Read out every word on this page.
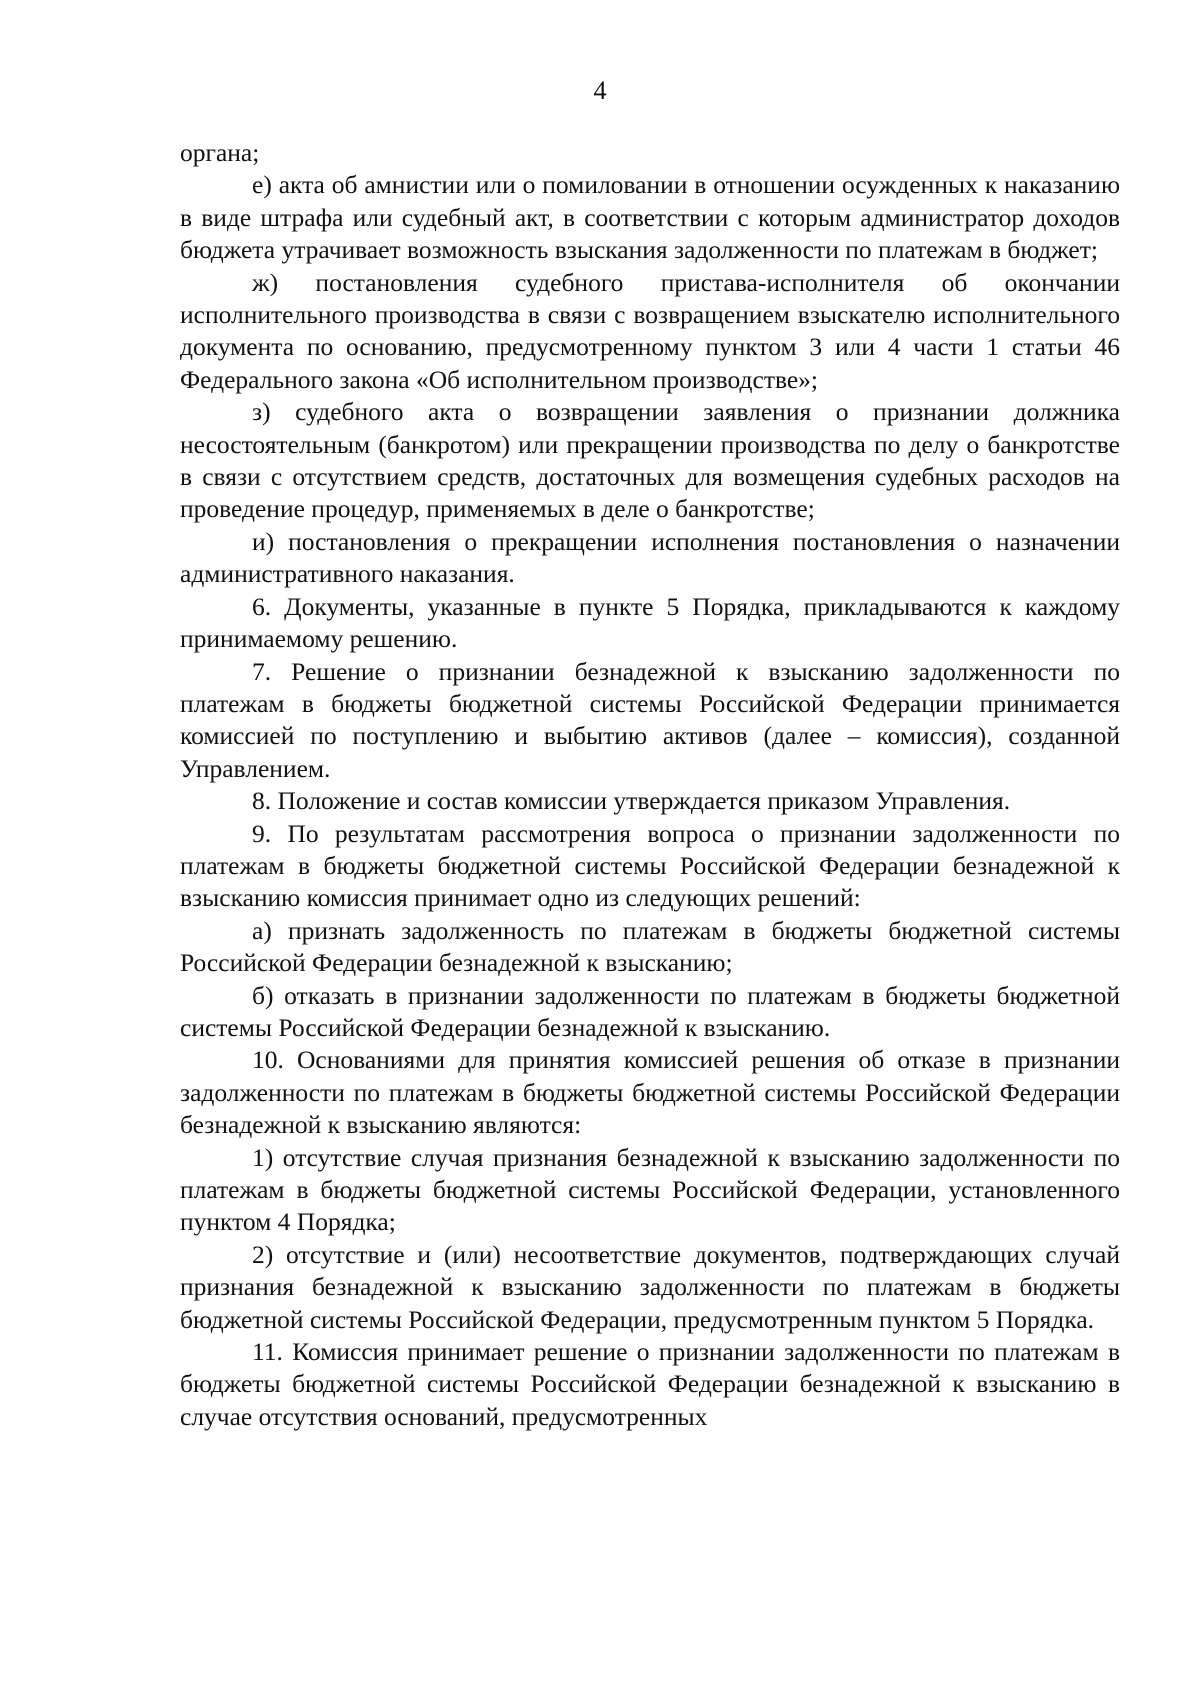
4

органа;

е) акта об амнистии или о помиловании в отношении осужденных к наказанию в виде штрафа или судебный акт, в соответствии с которым администратор доходов бюджета утрачивает возможность взыскания задолженности по платежам в бюджет;

ж) постановления судебного пристава-исполнителя об окончании исполнительного производства в связи с возвращением взыскателю исполнительного документа по основанию, предусмотренному пунктом 3 или 4 части 1 статьи 46 Федерального закона «Об исполнительном производстве»;

з) судебного акта о возвращении заявления о признании должника несостоятельным (банкротом) или прекращении производства по делу о банкротстве в связи с отсутствием средств, достаточных для возмещения судебных расходов на проведение процедур, применяемых в деле о банкротстве;

и) постановления о прекращении исполнения постановления о назначении административного наказания.

6. Документы, указанные в пункте 5 Порядка, прикладываются к каждому принимаемому решению.

7. Решение о признании безнадежной к взысканию задолженности по платежам в бюджеты бюджетной системы Российской Федерации принимается комиссией по поступлению и выбытию активов (далее – комиссия), созданной Управлением.

8. Положение и состав комиссии утверждается приказом Управления.

9. По результатам рассмотрения вопроса о признании задолженности по платежам в бюджеты бюджетной системы Российской Федерации безнадежной к взысканию комиссия принимает одно из следующих решений:

а) признать задолженность по платежам в бюджеты бюджетной системы Российской Федерации безнадежной к взысканию;

б) отказать в признании задолженности по платежам в бюджеты бюджетной системы Российской Федерации безнадежной к взысканию.

10. Основаниями для принятия комиссией решения об отказе в признании задолженности по платежам в бюджеты бюджетной системы Российской Федерации безнадежной к взысканию являются:

1) отсутствие случая признания безнадежной к взысканию задолженности по платежам в бюджеты бюджетной системы Российской Федерации, установленного пунктом 4 Порядка;

2) отсутствие и (или) несоответствие документов, подтверждающих случай признания безнадежной к взысканию задолженности по платежам в бюджеты бюджетной системы Российской Федерации, предусмотренным пунктом 5 Порядка.

11. Комиссия принимает решение о признании задолженности по платежам в бюджеты бюджетной системы Российской Федерации безнадежной к взысканию в случае отсутствия оснований, предусмотренных
